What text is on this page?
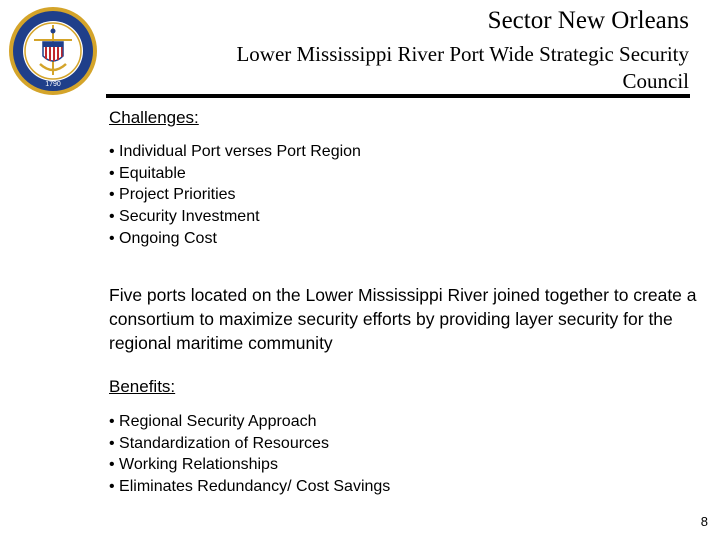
1790
Sector New Orleans
Lower Mississippi River Port Wide Strategic Security Council
Challenges:
• Individual Port verses Port Region
• Equitable
• Project Priorities
• Security Investment
• Ongoing Cost
Five ports located on the Lower Mississippi River joined together to create a consortium to maximize security efforts by providing layer security for the regional maritime community
Benefits:
• Regional Security Approach
• Standardization of Resources
• Working Relationships
• Eliminates Redundancy/ Cost Savings
8
